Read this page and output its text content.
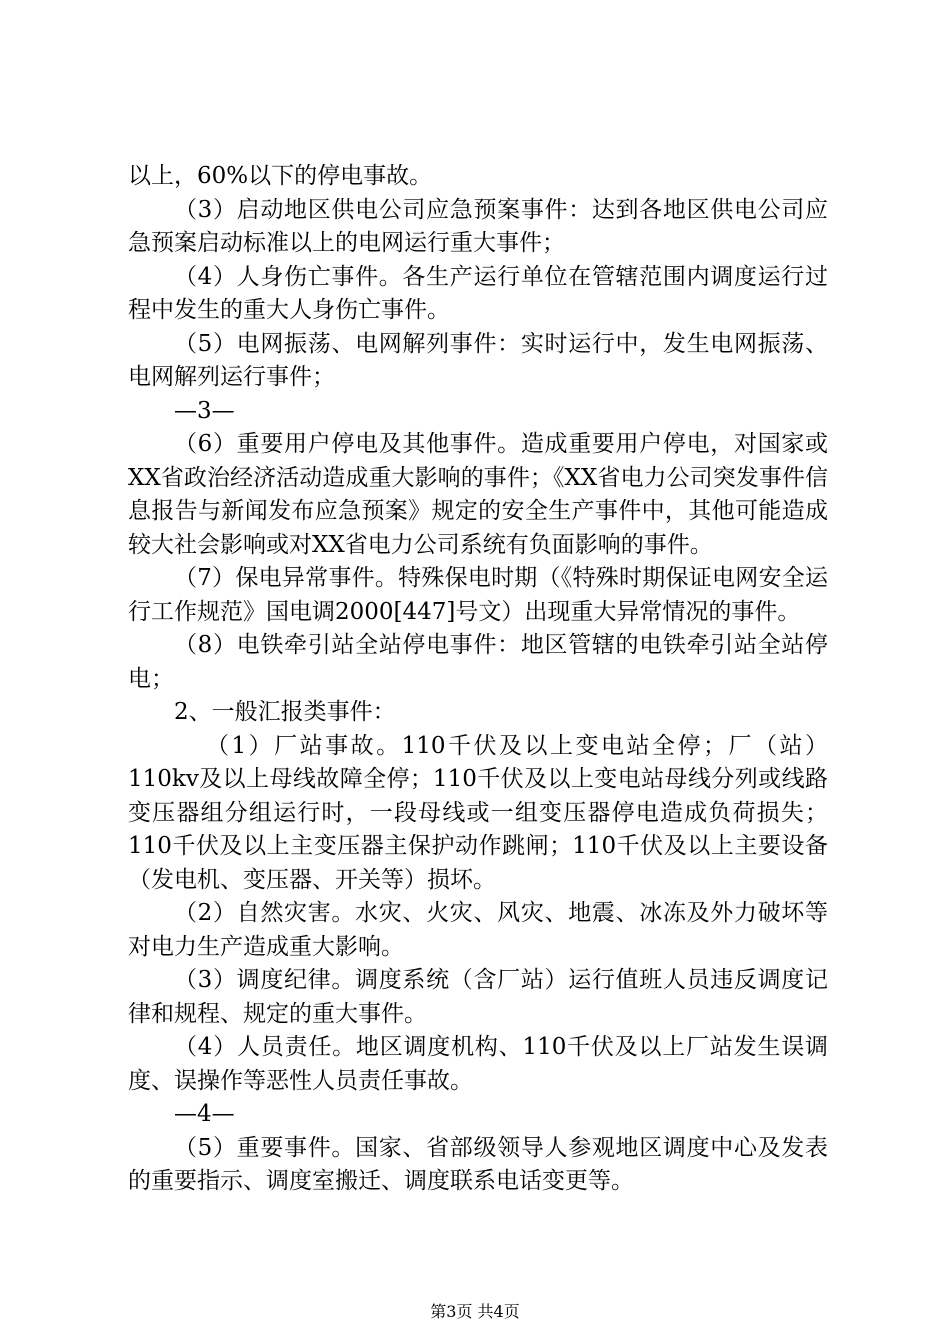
以上，60%以下的停电事故。

（3）启动地区供电公司应急预案事件：达到各地区供电公司应急预案启动标准以上的电网运行重大事件；

（4）人身伤亡事件。各生产运行单位在管辖范围内调度运行过程中发生的重大人身伤亡事件。

（5）电网振荡、电网解列事件：实时运行中，发生电网振荡、电网解列运行事件；

—3—

（6）重要用户停电及其他事件。造成重要用户停电，对国家或XX省政治经济活动造成重大影响的事件；《XX省电力公司突发事件信息报告与新闻发布应急预案》规定的安全生产事件中，其他可能造成较大社会影响或对XX省电力公司系统有负面影响的事件。

（7）保电异常事件。特殊保电时期（《特殊时期保证电网安全运行工作规范》国电调2000[447]号文）出现重大异常情况的事件。

（8）电铁牵引站全站停电事件：地区管辖的电铁牵引站全站停电；

2、一般汇报类事件：

（1）厂站事故。110千伏及以上变电站全停；厂（站）110kv及以上母线故障全停；110千伏及以上变电站母线分列或线路变压器组分组运行时，一段母线或一组变压器停电造成负荷损失；110千伏及以上主变压器主保护动作跳闸；110千伏及以上主要设备（发电机、变压器、开关等）损坏。

（2）自然灾害。水灾、火灾、风灾、地震、冰冻及外力破坏等对电力生产造成重大影响。

（3）调度纪律。调度系统（含厂站）运行值班人员违反调度记律和规程、规定的重大事件。

（4）人员责任。地区调度机构、110千伏及以上厂站发生误调度、误操作等恶性人员责任事故。

—4—

（5）重要事件。国家、省部级领导人参观地区调度中心及发表的重要指示、调度室搬迁、调度联系电话变更等。

第3页 共4页
